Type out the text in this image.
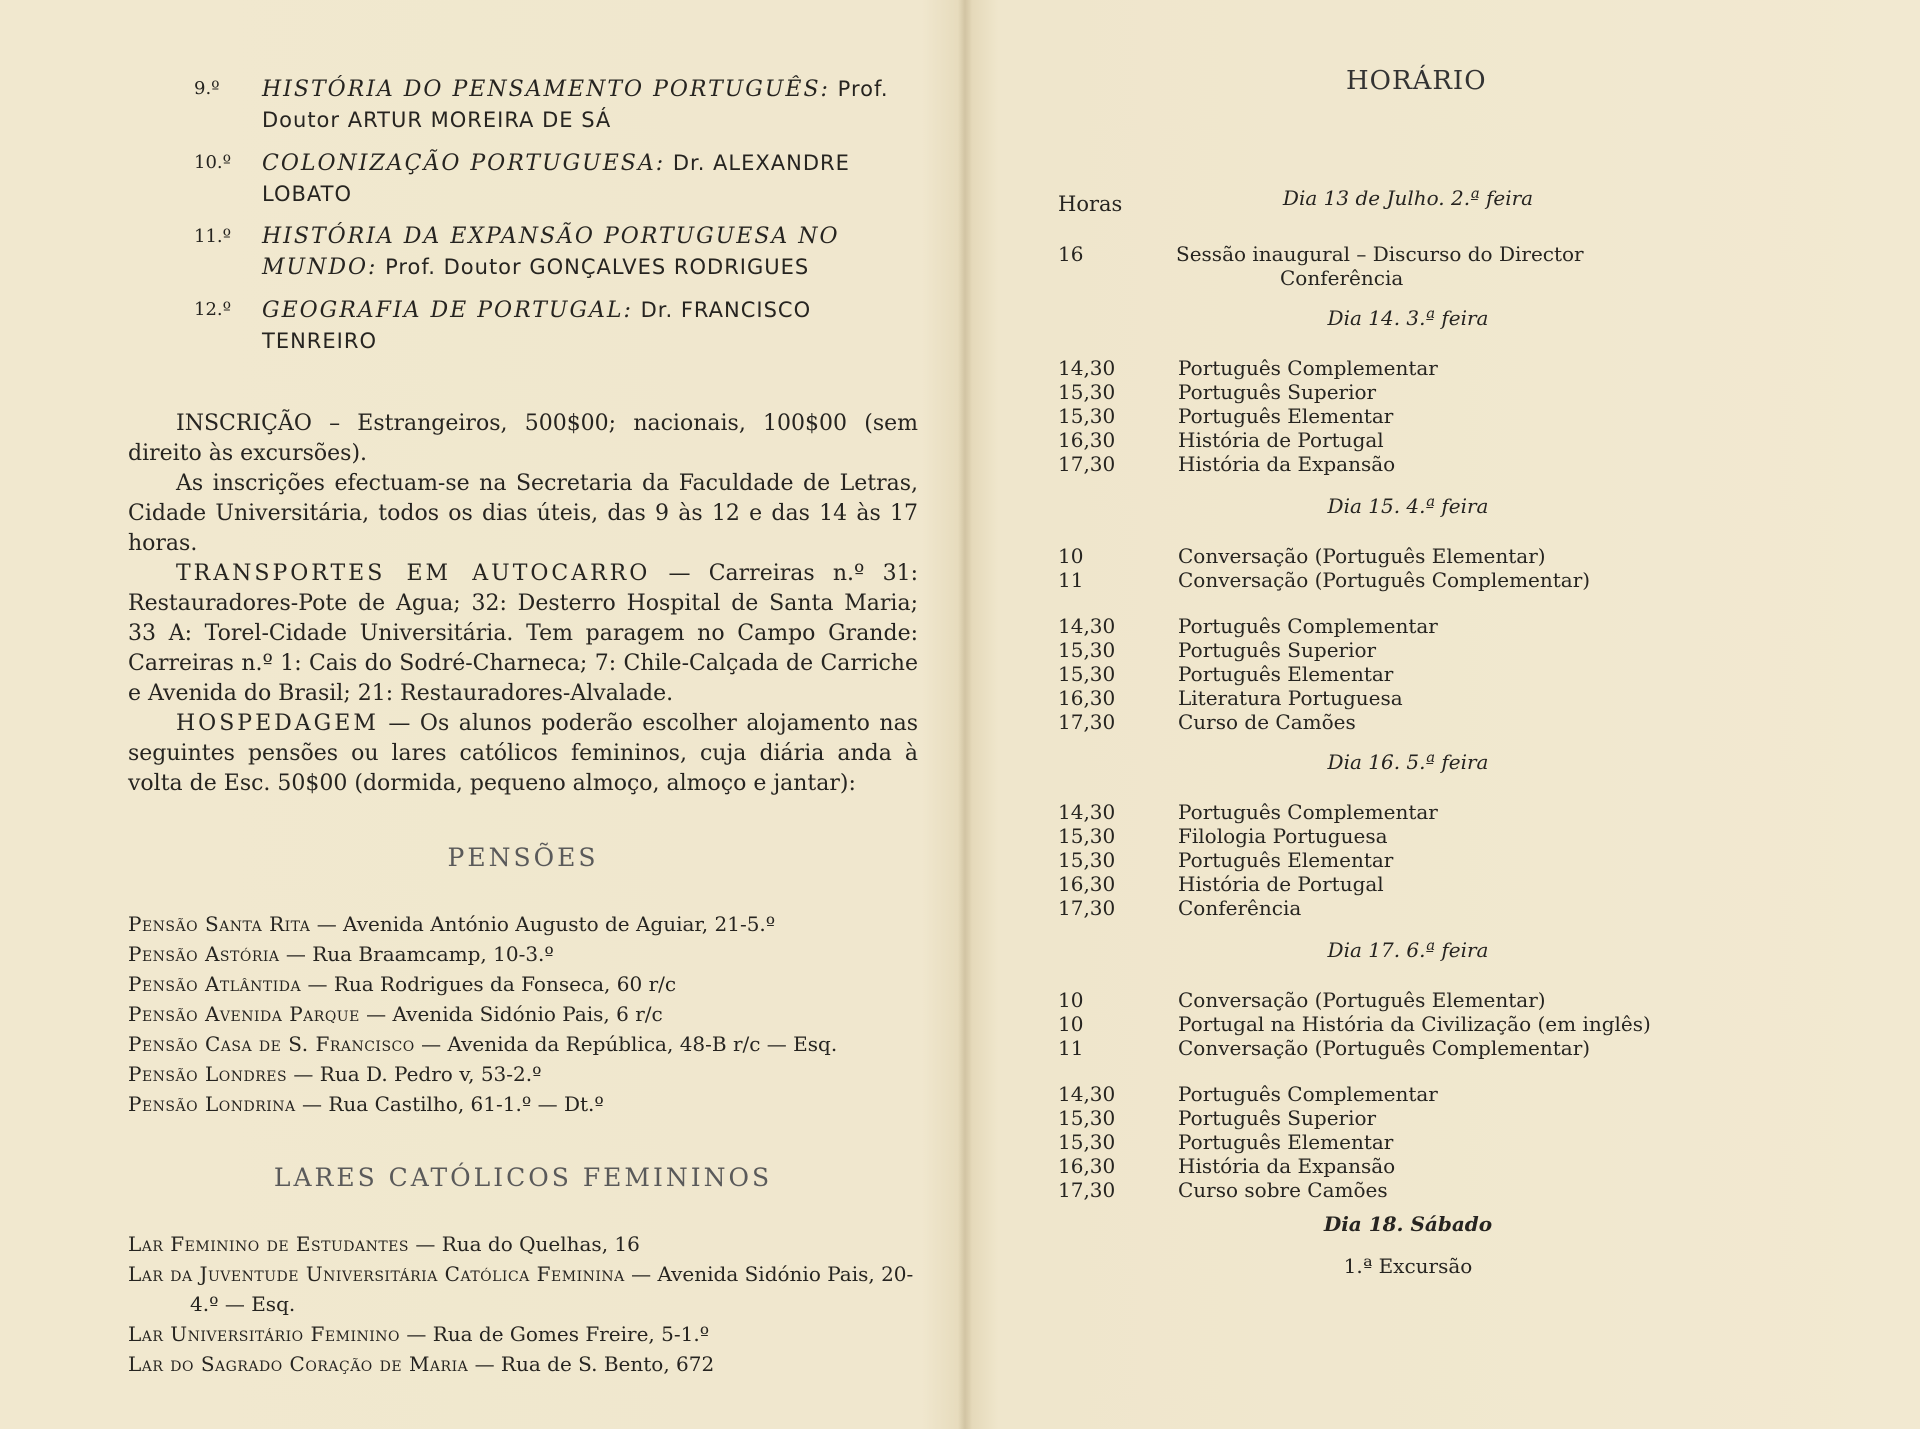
9.º HISTÓRIA DO PENSAMENTO PORTUGUÊS: Prof. Doutor ARTUR MOREIRA DE SÁ
10.º COLONIZAÇÃO PORTUGUESA: Dr. ALEXANDRE LOBATO
11.º HISTÓRIA DA EXPANSÃO PORTUGUESA NO MUNDO: Prof. Doutor GONÇALVES RODRIGUES
12.º GEOGRAFIA DE PORTUGAL: Dr. FRANCISCO TENREIRO

INSCRIÇÃO – Estrangeiros, 500$00; nacionais, 100$00 (sem direito às excursões).

As inscrições efectuam-se na Secretaria da Faculdade de Letras, Cidade Universitária, todos os dias úteis, das 9 às 12 e das 14 às 17 horas.

TRANSPORTES EM AUTOCARRO — Carreiras n.º 31: Restauradores-Pote de Agua; 32: Desterro Hospital de Santa Maria; 33 A: Torel-Cidade Universitária. Tem paragem no Campo Grande: Carreiras n.º 1: Cais do Sodré-Charneca; 7: Chile-Calçada de Carriche e Avenida do Brasil; 21: Restauradores-Alvalade.

HOSPEDAGEM — Os alunos poderão escolher alojamento nas seguintes pensões ou lares católicos femininos, cuja diária anda à volta de Esc. 50$00 (dormida, pequeno almoço, almoço e jantar):

PENSÕES
Pensão Santa Rita — Avenida António Augusto de Aguiar, 21-5.º
Pensão Astória — Rua Braamcamp, 10-3.º
Pensão Atlântida — Rua Rodrigues da Fonseca, 60 r/c
Pensão Avenida Parque — Avenida Sidónio Pais, 6 r/c
Pensão Casa de S. Francisco — Avenida da República, 48-B r/c — Esq.
Pensão Londres — Rua D. Pedro v, 53-2.º
Pensão Londrina — Rua Castilho, 61-1.º — Dt.º
LARES CATÓLICOS FEMININOS
Lar Feminino de Estudantes — Rua do Quelhas, 16
Lar da Juventude Universitária Católica Feminina — Avenida Sidónio Pais, 20-4.º — Esq.
Lar Universitário Feminino — Rua de Gomes Freire, 5-1.º
Lar do Sagrado Coração de Maria — Rua de S. Bento, 672
HORÁRIO
Horas	Dia 13 de Julho. 2.ª feira
16	Sessão inaugural – Discurso do Director
Conferência
Dia 14. 3.ª feira
14,30
15,30
15,30
16,30
17,30
Português Complementar
Português Superior
Português Elementar
História de Portugal
História da Expansão
Dia 15. 4.ª feira
10
11
Conversação (Português Elementar)
Conversação (Português Complementar)
14,30
15,30
15,30
16,30
17,30
Português Complementar
Português Superior
Português Elementar
Literatura Portuguesa
Curso de Camões
Dia 16. 5.ª feira
14,30
15,30
15,30
16,30
17,30
Português Complementar
Filologia Portuguesa
Português Elementar
História de Portugal
Conferência
Dia 17. 6.ª feira
10
10
11
Conversação (Português Elementar)
Portugal na História da Civilização (em inglês)
Conversação (Português Complementar)
14,30
15,30
15,30
16,30
17,30
Português Complementar
Português Superior
Português Elementar
História da Expansão
Curso sobre Camões
Dia 18. Sábado
1.ª Excursão
